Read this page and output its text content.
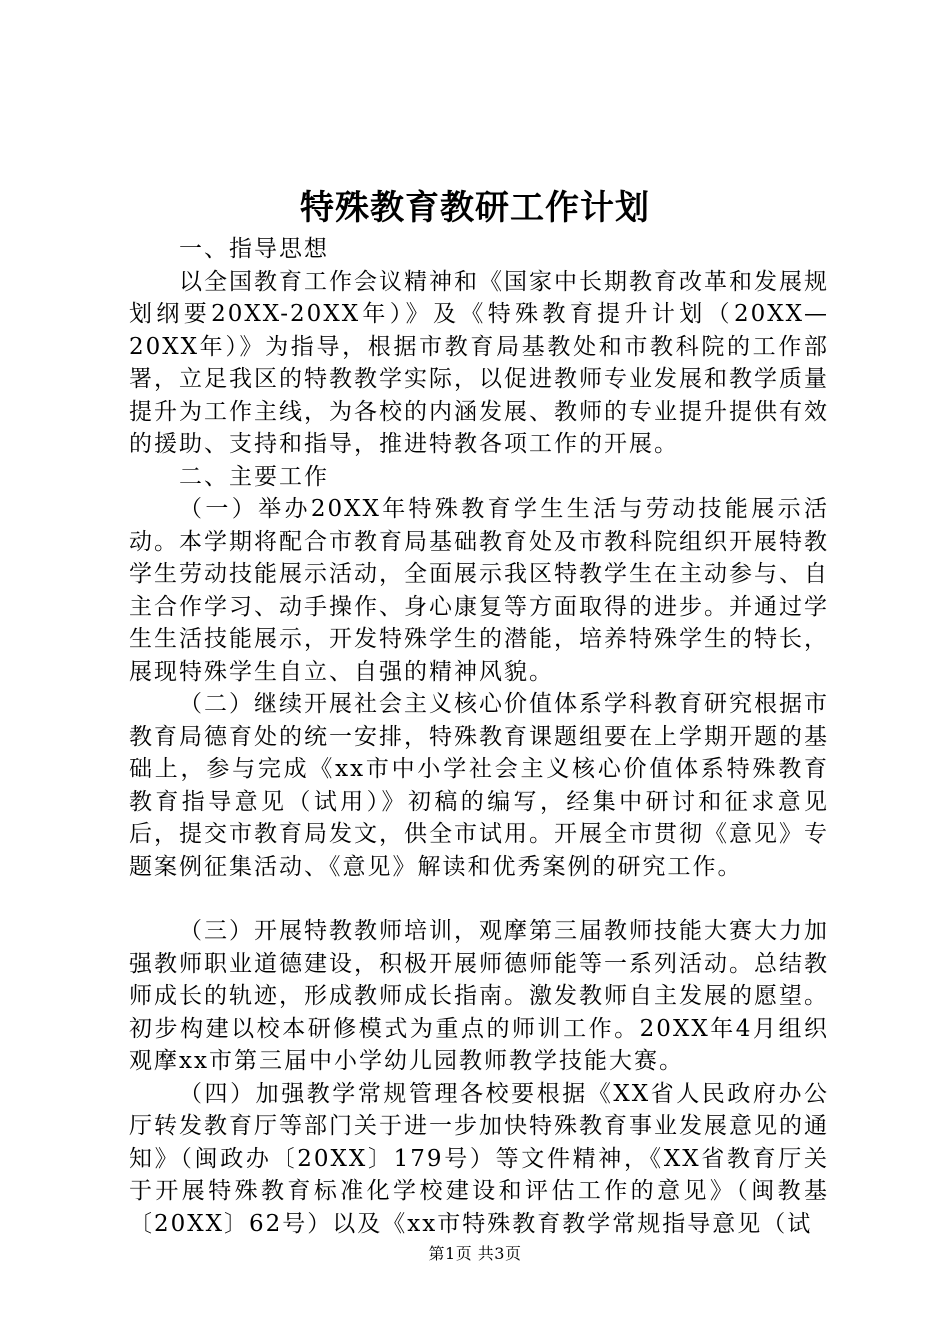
特殊教育教研工作计划

一、指导思想

以全国教育工作会议精神和《国家中长期教育改革和发展规划纲要20XX-20XX年）》及《特殊教育提升计划（20XX—20XX年）》为指导，根据市教育局基教处和市教科院的工作部署，立足我区的特教教学实际，以促进教师专业发展和教学质量提升为工作主线，为各校的内涵发展、教师的专业提升提供有效的援助、支持和指导，推进特教各项工作的开展。

二、主要工作

（一）举办20XX年特殊教育学生生活与劳动技能展示活动。本学期将配合市教育局基础教育处及市教科院组织开展特教学生劳动技能展示活动，全面展示我区特教学生在主动参与、自主合作学习、动手操作、身心康复等方面取得的进步。并通过学生生活技能展示，开发特殊学生的潜能，培养特殊学生的特长，展现特殊学生自立、自强的精神风貌。

（二）继续开展社会主义核心价值体系学科教育研究根据市教育局德育处的统一安排，特殊教育课题组要在上学期开题的基础上，参与完成《xx市中小学社会主义核心价值体系特殊教育教育指导意见（试用）》初稿的编写，经集中研讨和征求意见后，提交市教育局发文，供全市试用。开展全市贯彻《意见》专题案例征集活动、《意见》解读和优秀案例的研究工作。

（三）开展特教教师培训，观摩第三届教师技能大赛大力加强教师职业道德建设，积极开展师德师能等一系列活动。总结教师成长的轨迹，形成教师成长指南。激发教师自主发展的愿望。初步构建以校本研修模式为重点的师训工作。20XX年4月组织观摩xx市第三届中小学幼儿园教师教学技能大赛。

（四）加强教学常规管理各校要根据《XX省人民政府办公厅转发教育厅等部门关于进一步加快特殊教育事业发展意见的通知》（闽政办〔20XX〕179号）等文件精神，《XX省教育厅关于开展特殊教育标准化学校建设和评估工作的意见》（闽教基〔20XX〕62号）以及《xx市特殊教育教学常规指导意见（试

第1页 共3页
